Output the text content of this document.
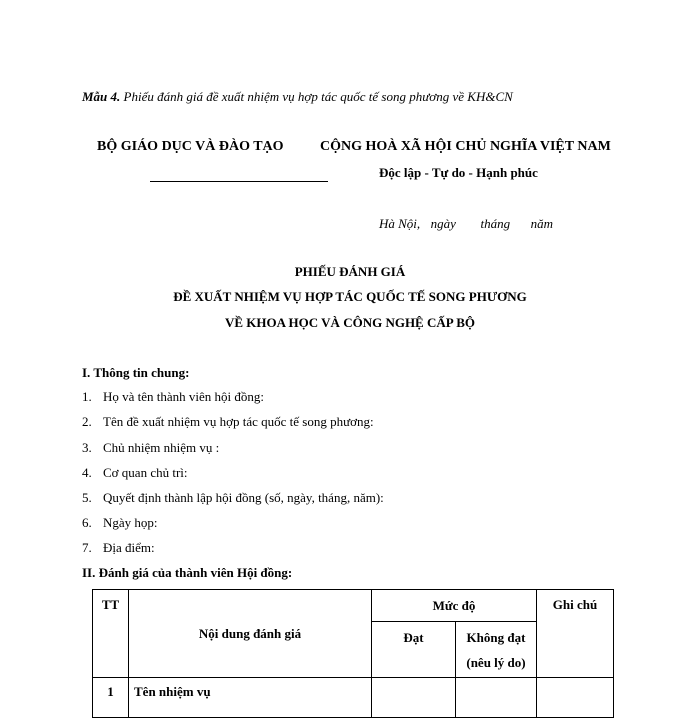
Mẫu 4. Phiếu đánh giá đề xuất nhiệm vụ hợp tác quốc tế song phương về KH&CN
BỘ GIÁO DỤC VÀ ĐÀO TẠO	CỘNG HOÀ XÃ HỘI CHỦ NGHĨA VIỆT NAM
Độc lập - Tự do - Hạnh phúc
Hà Nội, ngày tháng năm
PHIẾU ĐÁNH GIÁ
ĐỀ XUẤT NHIỆM VỤ HỢP TÁC QUỐC TẾ SONG PHƯƠNG
VỀ KHOA HỌC VÀ CÔNG NGHỆ CẤP BỘ
I. Thông tin chung:
1. Họ và tên thành viên hội đồng:
2. Tên đề xuất nhiệm vụ hợp tác quốc tế song phương:
3. Chủ nhiệm nhiệm vụ :
4. Cơ quan chủ trì:
5. Quyết định thành lập hội đồng (số, ngày, tháng, năm):
6. Ngày họp:
7. Địa điểm:
II. Đánh giá của thành viên Hội đồng:
TT	Nội dung đánh giá	Mức độ		Ghi chú
		Đạt	Không đạt
(nêu lý do)	

1	Tên nhiệm vụ			
